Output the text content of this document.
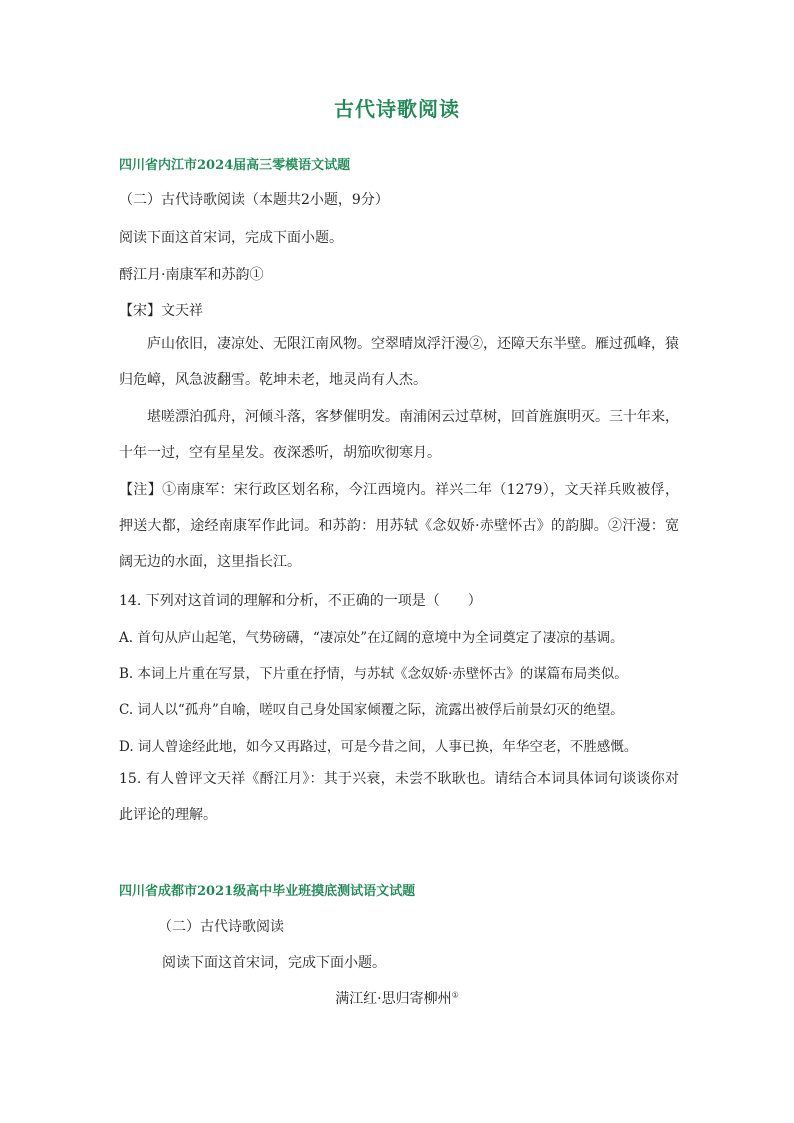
古代诗歌阅读
四川省内江市2024届高三零模语文试题
（二）古代诗歌阅读（本题共2小题，9分）
阅读下面这首宋词，完成下面小题。
酹江月·南康军和苏韵①
【宋】文天祥
庐山依旧，凄凉处、无限江南风物。空翠晴岚浮汗漫②，还障天东半壁。雁过孤峰，猿归危嶂，风急波翻雪。乾坤未老，地灵尚有人杰。
堪嗟漂泊孤舟，河倾斗落，客梦催明发。南浦闲云过草树，回首旌旗明灭。三十年来，十年一过，空有星星发。夜深悉听，胡笳吹彻寒月。
【注】①南康军：宋行政区划名称，今江西境内。祥兴二年（1279），文天祥兵败被俘，押送大都，途经南康军作此词。和苏韵：用苏轼《念奴娇·赤壁怀古》的韵脚。②汗漫：宽阔无边的水面，这里指长江。
14. 下列对这首词的理解和分析，不正确的一项是（　　）
A. 首句从庐山起笔，气势磅礴，“凄凉处”在辽阔的意境中为全词奠定了凄凉的基调。
B. 本词上片重在写景，下片重在抒情，与苏轼《念奴娇·赤壁怀古》的谋篇布局类似。
C. 词人以“孤舟”自喻，嗟叹自己身处国家倾覆之际，流露出被俘后前景幻灭的绝望。
D. 词人曾途经此地，如今又再路过，可是今昔之间，人事已换，年华空老，不胜感慨。
15. 有人曾评文天祥《酹江月》：其于兴衰，未尝不耿耿也。请结合本词具体词句谈谈你对此评论的理解。
四川省成都市2021级高中毕业班摸底测试语文试题
（二）古代诗歌阅读
阅读下面这首宋词，完成下面小题。
满江红·思归寄柳州①
